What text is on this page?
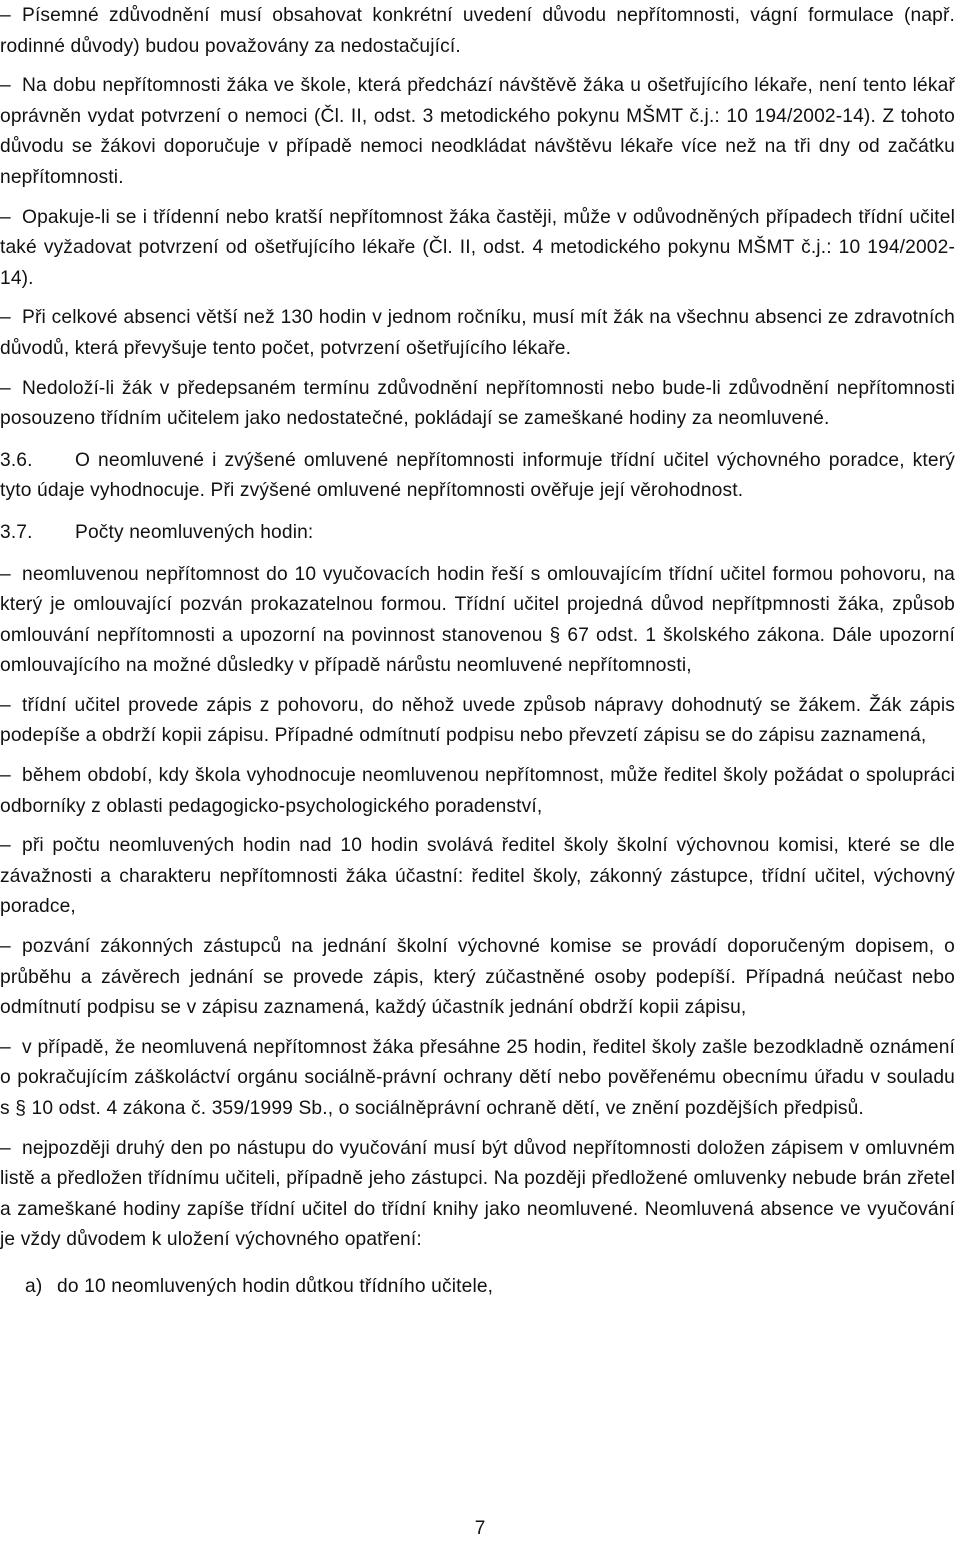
– Písemné zdůvodnění musí obsahovat konkrétní uvedení důvodu nepřítomnosti, vágní formulace (např. rodinné důvody) budou považovány za nedostačující.

– Na dobu nepřítomnosti žáka ve škole, která předchází návštěvě žáka u ošetřujícího lékaře, není tento lékař oprávněn vydat potvrzení o nemoci (Čl. II, odst. 3 metodického pokynu MŠMT č.j.: 10 194/2002-14). Z tohoto důvodu se žákovi doporučuje v případě nemoci neodkládat návštěvu lékaře více než na tři dny od začátku nepřítomnosti.

– Opakuje-li se i třídenní nebo kratší nepřítomnost žáka častěji, může v odůvodněných případech třídní učitel také vyžadovat potvrzení od ošetřujícího lékaře (Čl. II, odst. 4 metodického pokynu MŠMT č.j.: 10 194/2002-14).

– Při celkové absenci větší než 130 hodin v jednom ročníku, musí mít žák na všechnu absenci ze zdravotních důvodů, která převyšuje tento počet, potvrzení ošetřujícího lékaře.

– Nedoloží-li žák v předepsaném termínu zdůvodnění nepřítomnosti nebo bude-li zdůvodnění nepřítomnosti posouzeno třídním učitelem jako nedostatečné, pokládají se zameškané hodiny za neomluvené.

3.6. O neomluvené i zvýšené omluvené nepřítomnosti informuje třídní učitel výchovného poradce, který tyto údaje vyhodnocuje. Při zvýšené omluvené nepřítomnosti ověřuje její věrohodnost.

3.7. Počty neomluvených hodin:

– neomluvenou nepřítomnost do 10 vyučovacích hodin řeší s omlouvajícím třídní učitel formou pohovoru, na který je omlouvající pozván prokazatelnou formou. Třídní učitel projedná důvod nepřítpmnosti žáka, způsob omlouvání nepřítomnosti a upozorní na povinnost stanovenou § 67 odst. 1 školského zákona. Dále upozorní omlouvajícího na možné důsledky v případě nárůstu neomluvené nepřítomnosti,

– třídní učitel provede zápis z pohovoru, do něhož uvede způsob nápravy dohodnutý se žákem. Žák zápis podepíše a obdrží kopii zápisu. Případné odmítnutí podpisu nebo převzetí zápisu se do zápisu zaznamená,

– během období, kdy škola vyhodnocuje neomluvenou nepřítomnost, může ředitel školy požádat o spolupráci odborníky z oblasti pedagogicko-psychologického poradenství,

– při počtu neomluvených hodin nad 10 hodin svolává ředitel školy školní výchovnou komisi, které se dle závažnosti a charakteru nepřítomnosti žáka účastní: ředitel školy, zákonný zástupce, třídní učitel, výchovný poradce,

– pozvání zákonných zástupců na jednání školní výchovné komise se provádí doporučeným dopisem, o průběhu a závěrech jednání se provede zápis, který zúčastněné osoby podepíší. Případná neúčast nebo odmítnutí podpisu se v zápisu zaznamená, každý účastník jednání obdrží kopii zápisu,

– v případě, že neomluvená nepřítomnost žáka přesáhne 25 hodin, ředitel školy zašle bezodkladně oznámení o pokračujícím záškoláctví orgánu sociálně-právní ochrany dětí nebo pověřenému obecnímu úřadu v souladu s § 10 odst. 4 zákona č. 359/1999 Sb., o sociálněprávní ochraně dětí, ve znění pozdějších předpisů.

– nejpozději druhý den po nástupu do vyučování musí být důvod nepřítomnosti doložen zápisem v omluvném listě a předložen třídnímu učiteli, případně jeho zástupci. Na později předložené omluvenky nebude brán zřetel a zameškané hodiny zapíše třídní učitel do třídní knihy jako neomluvené. Neomluvená absence ve vyučování je vždy důvodem k uložení výchovného opatření:

a) do 10 neomluvených hodin důtkou třídního učitele,

7
